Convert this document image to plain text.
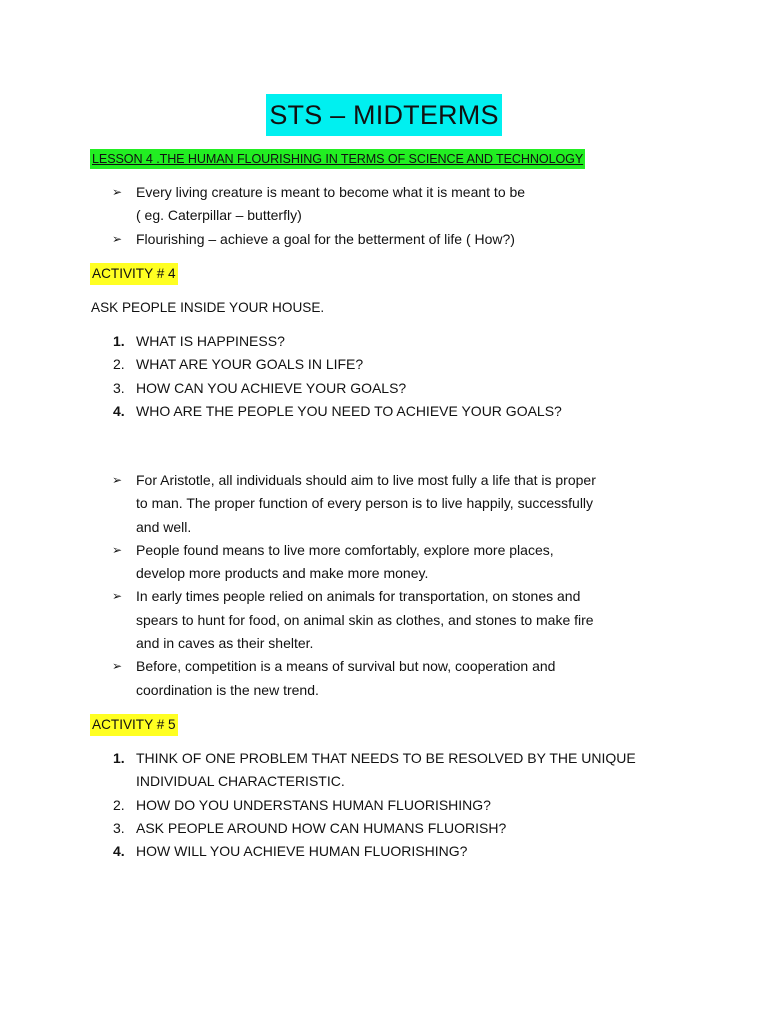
STS – MIDTERMS
LESSON 4 .THE HUMAN FLOURISHING IN TERMS OF SCIENCE AND TECHNOLOGY
➢ Every living creature is meant to become what it is meant to be
( eg. Caterpillar – butterfly)
➢ Flourishing – achieve a goal for the betterment of life ( How?)
ACTIVITY # 4
ASK PEOPLE INSIDE YOUR HOUSE.
1. WHAT IS HAPPINESS?
2. WHAT ARE YOUR GOALS IN LIFE?
3. HOW CAN YOU ACHIEVE YOUR GOALS?
4. WHO ARE THE PEOPLE YOU NEED TO ACHIEVE YOUR GOALS?
➢ For Aristotle, all individuals should aim to live most fully a life that is proper
to man. The proper function of every person is to live happily, successfully
and well.
➢ People found means to live more comfortably, explore more places,
develop more products and make more money.
➢ In early times people relied on animals for transportation, on stones and
spears to hunt for food, on animal skin as clothes, and stones to make fire
and in caves as their shelter.
➢ Before, competition is a means of survival but now, cooperation and
coordination is the new trend.
ACTIVITY # 5
1. THINK OF ONE PROBLEM THAT NEEDS TO BE RESOLVED BY THE UNIQUE
INDIVIDUAL CHARACTERISTIC.
2. HOW DO YOU UNDERSTANS HUMAN FLUORISHING?
3. ASK PEOPLE AROUND HOW CAN HUMANS FLUORISH?
4. HOW WILL YOU ACHIEVE HUMAN FLUORISHING?
